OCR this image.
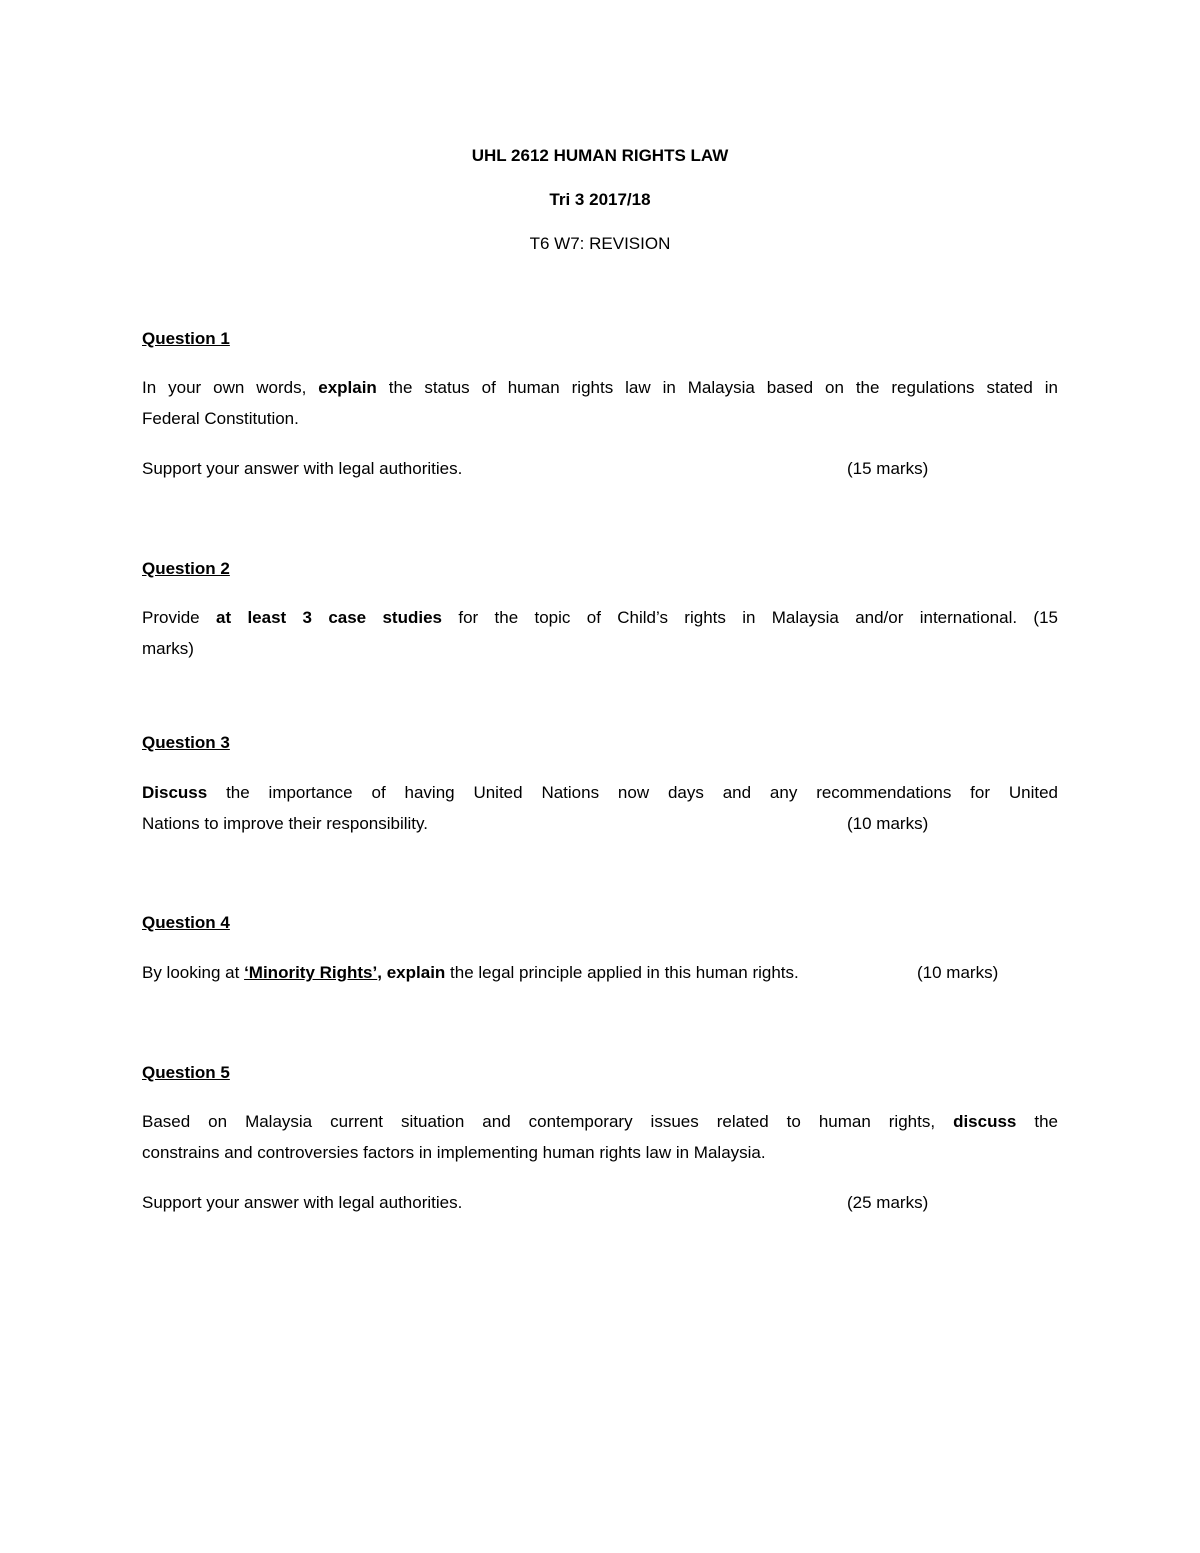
UHL 2612 HUMAN RIGHTS LAW
Tri 3 2017/18
T6 W7: REVISION
Question 1
In your own words, explain the status of human rights law in Malaysia based on the regulations stated in
Federal Constitution.
Support your answer with legal authorities.	(15 marks)
Question 2
Provide at least 3 case studies for the topic of Child’s rights in Malaysia and/or international. (15
marks)
Question 3
Discuss the importance of having United Nations now days and any recommendations for United
Nations to improve their responsibility.	(10 marks)
Question 4
By looking at ‘Minority Rights’, explain the legal principle applied in this human rights.	(10 marks)
Question 5
Based on Malaysia current situation and contemporary issues related to human rights, discuss the
constrains and controversies factors in implementing human rights law in Malaysia.
Support your answer with legal authorities.	(25 marks)
